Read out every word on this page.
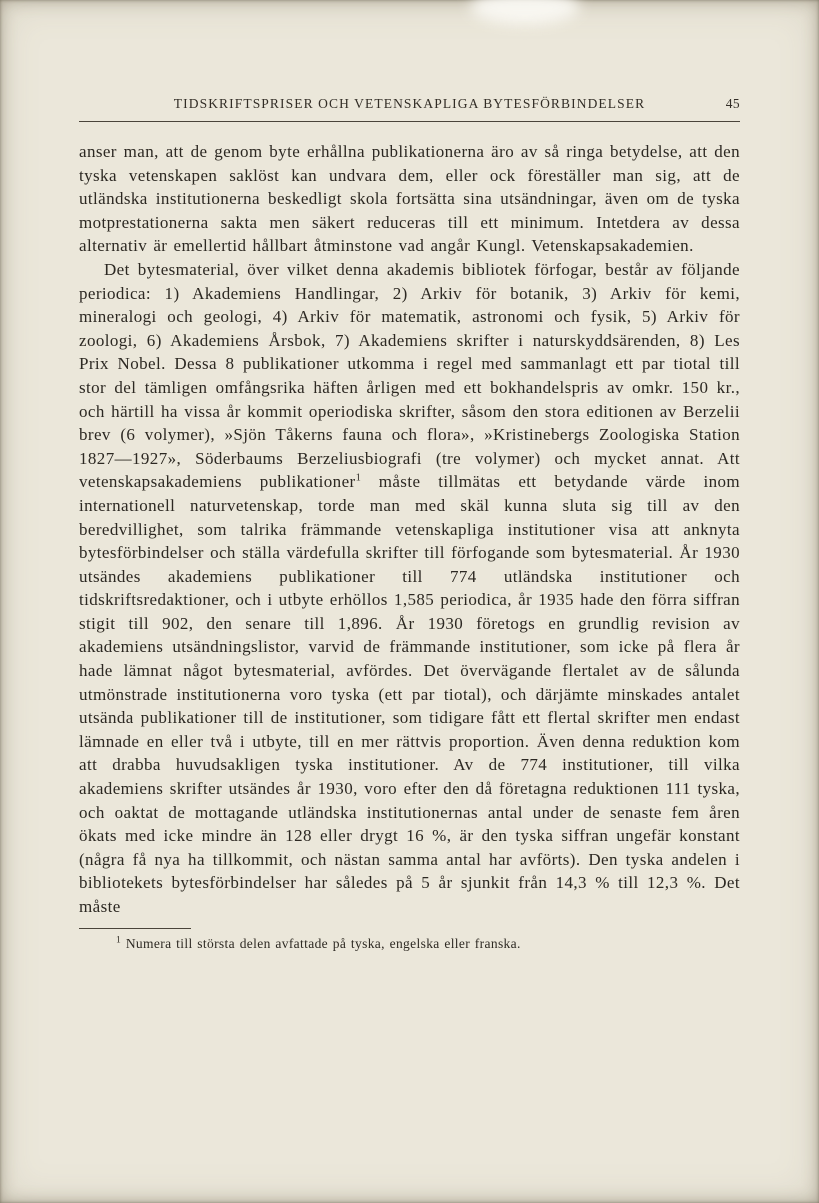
TIDSKRIFTSPRISER OCH VETENSKAPLIGA BYTESFÖRBINDELSER	45

anser man, att de genom byte erhållna publikationerna äro av så ringa betydelse, att den tyska vetenskapen saklöst kan undvara dem, eller ock föreställer man sig, att de utländska institutionerna beskedligt skola fortsätta sina utsändningar, även om de tyska motprestationerna sakta men säkert reduceras till ett minimum. Intetdera av dessa alternativ är emellertid hållbart åtminstone vad angår Kungl. Vetenskapsakademien.

Det bytesmaterial, över vilket denna akademis bibliotek förfogar, består av följande periodica: 1) Akademiens Handlingar, 2) Arkiv för botanik, 3) Arkiv för kemi, mineralogi och geologi, 4) Arkiv för matematik, astronomi och fysik, 5) Arkiv för zoologi, 6) Akademiens Årsbok, 7) Akademiens skrifter i naturskyddsärenden, 8) Les Prix Nobel. Dessa 8 publikationer utkomma i regel med sammanlagt ett par tiotal till stor del tämligen omfångsrika häften årligen med ett bokhandelspris av omkr. 150 kr., och härtill ha vissa år kommit operiodiska skrifter, såsom den stora editionen av Berzelii brev (6 volymer), »Sjön Tåkerns fauna och flora», »Kristinebergs Zoologiska Station 1827—1927», Söderbaums Berzeliusbiografi (tre volymer) och mycket annat. Att vetenskapsakademiens publikationer$^1$ måste tillmätas ett betydande värde inom internationell naturvetenskap, torde man med skäl kunna sluta sig till av den beredvillighet, som talrika främmande vetenskapliga institutioner visa att anknyta bytesförbindelser och ställa värdefulla skrifter till förfogande som bytesmaterial. År 1930 utsändes akademiens publikationer till 774 utländska institutioner och tidskriftsredaktioner, och i utbyte erhöllos 1,585 periodica, år 1935 hade den förra siffran stigit till 902, den senare till 1,896. År 1930 företogs en grundlig revision av akademiens utsändningslistor, varvid de främmande institutioner, som icke på flera år hade lämnat något bytesmaterial, avfördes. Det övervägande flertalet av de sålunda utmönstrade institutionerna voro tyska (ett par tiotal), och därjämte minskades antalet utsända publikationer till de institutioner, som tidigare fått ett flertal skrifter men endast lämnade en eller två i utbyte, till en mer rättvis proportion. Även denna reduktion kom att drabba huvudsakligen tyska institutioner. Av de 774 institutioner, till vilka akademiens skrifter utsändes år 1930, voro efter den då företagna reduktionen 111 tyska, och oaktat de mottagande utländska institutionernas antal under de senaste fem åren ökats med icke mindre än 128 eller drygt 16 %, är den tyska siffran ungefär konstant (några få nya ha tillkommit, och nästan samma antal har avförts). Den tyska andelen i bibliotekets bytesförbindelser har således på 5 år sjunkit från 14,3 % till 12,3 %. Det måste

$^1$ Numera till största delen avfattade på tyska, engelska eller franska.
